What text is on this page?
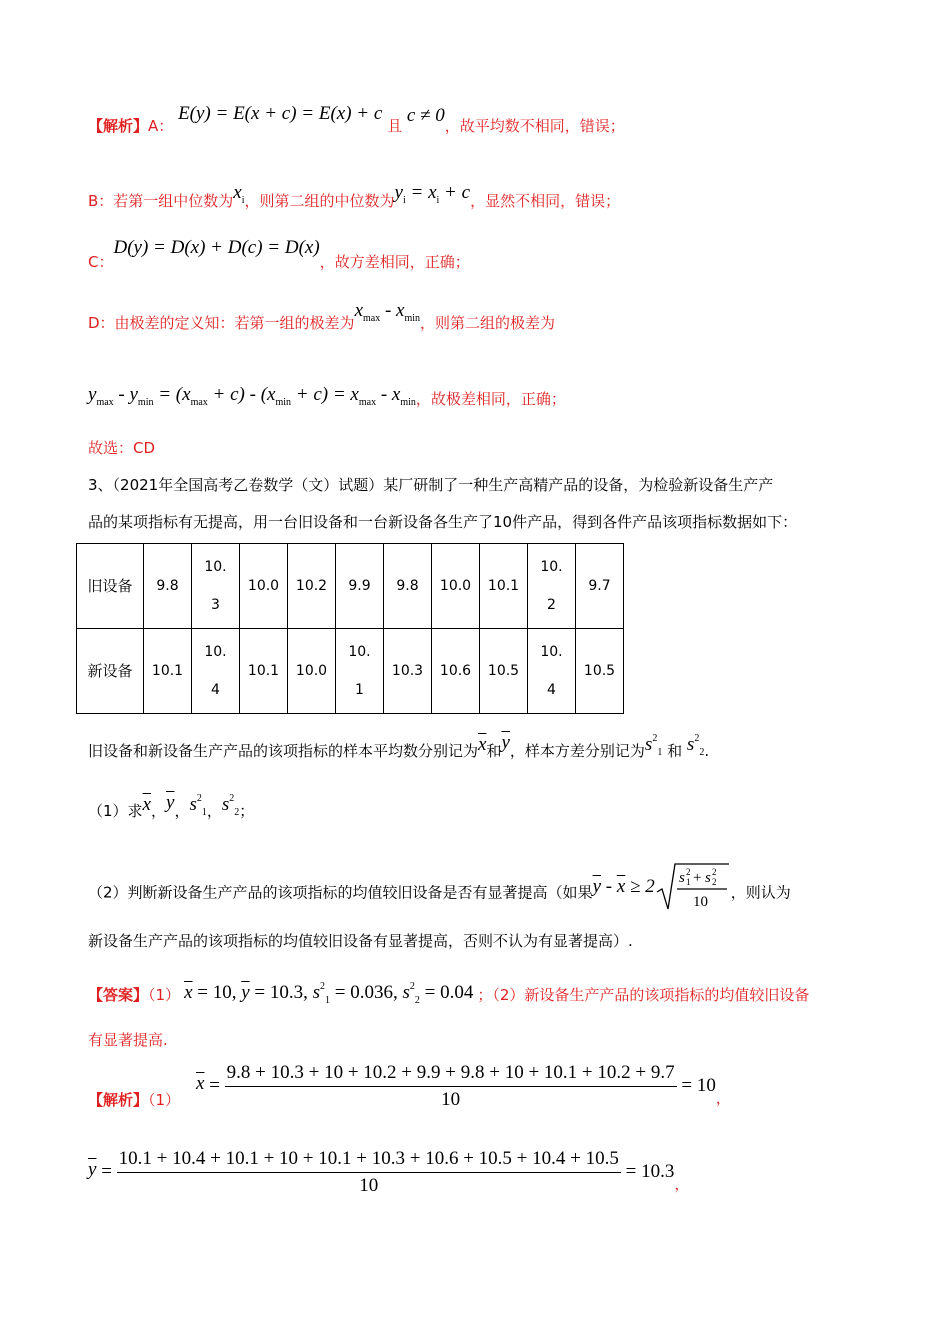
【解析】A： E(y) = E(x + c) = E(x) + c 且 c ≠ 0，故平均数不相同，错误；
B：若第一组中位数为$x_i$，则第二组的中位数为$y_i = x_i + c$，显然不相同，错误；
C：D(y) = D(x) + D(c) = D(x)，故方差相同，正确；
D：由极差的定义知：若第一组的极差为$x_{max} - x_{min}$，则第二组的极差为
$y_{max} - y_{min} = (x_{max} + c) - (x_{min} + c) = x_{max} - x_{min}$，故极差相同，正确；
故选：CD
3、（2021年全国高考乙卷数学（文）试题）某厂研制了一种生产高精产品的设备，为检验新设备生产产
品的某项指标有无提高，用一台旧设备和一台新设备各生产了10件产品，得到各件产品该项指标数据如下：
旧设备	9.8	10.3	10.0	10.2	9.9	9.8	10.0	10.1	10.2	9.7
新设备	10.1	10.4	10.1	10.0	10.1	10.3	10.6	10.5	10.4	10.5
旧设备和新设备生产产品的该项指标的样本平均数分别记为$\overline{x}$和$\overline{y}$，样本方差分别记为$s^2_1$ 和 $s^2_2$.
（1）求$\overline{x}$，$\overline{y}$，$s^2_1$，$s^2_2$；
（2）判断新设备生产产品的该项指标的均值较旧设备是否有显著提高（如果$\overline{y} - \overline{x} \ge 2$ s 2
1 + s 2
2
10
，则认为
新设备生产产品的该项指标的均值较旧设备有显著提高，否则不认为有显著提高）.
【答案】（1） $\overline{x} = 10$, $\overline{y} = 10.3$, $s^2_1 = 0.036$, $s^2_2 = 0.04$ ；（2）新设备生产产品的该项指标的均值较旧设备
有显著提高.
【解析】（1）
$\overline{x} = \frac{9.8 + 10.3 + 10 + 10.2 + 9.9 + 9.8 + 10 + 10.1 + 10.2 + 9.7}{10} = 10_,$
$\overline{y}$ =
10.1 + 10.4 + 10.1 + 10 + 10.1 + 10.3 + 10.6 + 10.5 + 10.4 + 10.5
10
= $10.3_,$
